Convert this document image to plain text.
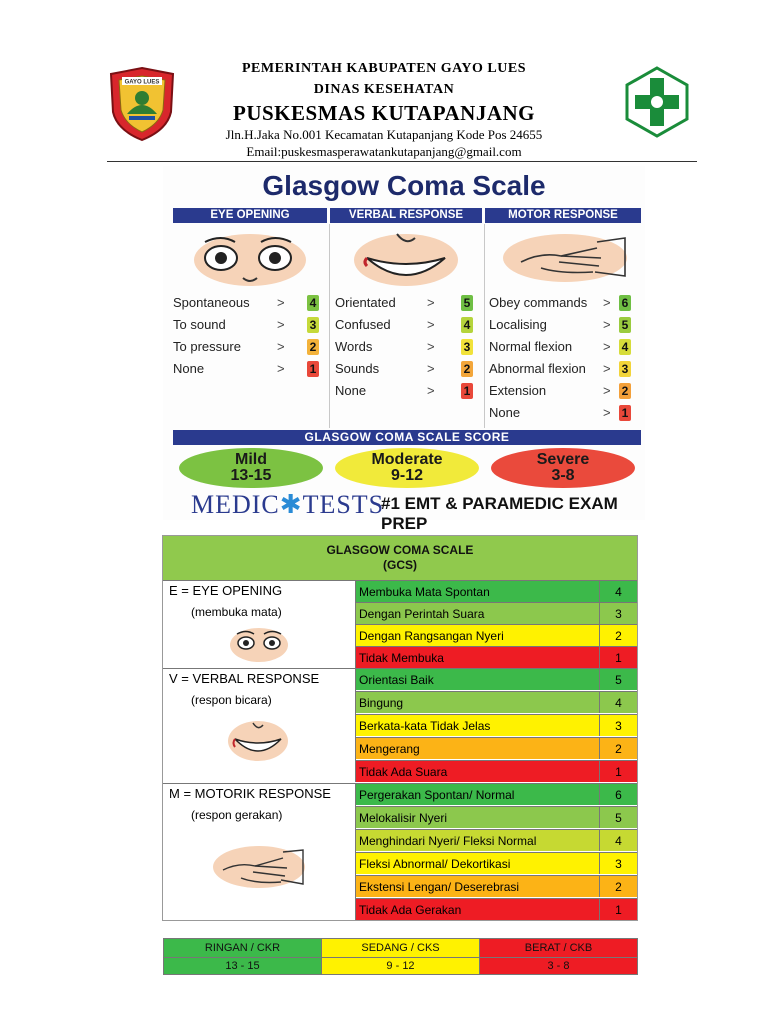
GAYO LUES
PEMERINTAH KABUPATEN GAYO LUES
DINAS KESEHATAN
PUSKESMAS KUTAPANJANG
Jln.H.Jaka No.001 Kecamatan Kutapanjang Kode Pos 24655
Email:puskesmasperawatankutapanjang@gmail.com
Glasgow Coma Scale
EYE OPENING	VERBAL RESPONSE	MOTOR RESPONSE
Spontaneous > 4
To sound	> 3
To pressure	> 2
None	> 1
Orientated > 5
Confused	> 4
Words	> 3
Sounds	> 2
None	> 1
Obey commands > 6
Localising	> 5
Normal flexion > 4
Abnormal flexion > 3
Extension	> 2
None	> 1
GLASGOW COMA SCALE SCORE
Mild
13-15
Moderate
9-12
Severe
3-8
MEDIC✱TESTS
#1 EMT & PARAMEDIC EXAM PREP
GLASGOW COMA SCALE
(GCS)
E = EYE OPENING
(membuka mata)
Membuka Mata Spontan	4
Dengan Perintah Suara	3
Dengan Rangsangan Nyeri	2
Tidak Membuka	1
V = VERBAL RESPONSE
(respon bicara)
Orientasi Baik	5
Bingung	4
Berkata-kata Tidak Jelas	3
Mengerang	2
Tidak Ada Suara	1
M = MOTORIK RESPONSE
(respon gerakan)
Pergerakan Spontan/ Normal	6
Melokalisir Nyeri	5
Menghindari Nyeri/ Fleksi Normal	4
Fleksi Abnormal/ Dekortikasi	3
Ekstensi Lengan/ Deserebrasi	2
Tidak Ada Gerakan	1
RINGAN / CKR	SEDANG / CKS	BERAT / CKB
13 - 15	9 - 12	3 - 8
